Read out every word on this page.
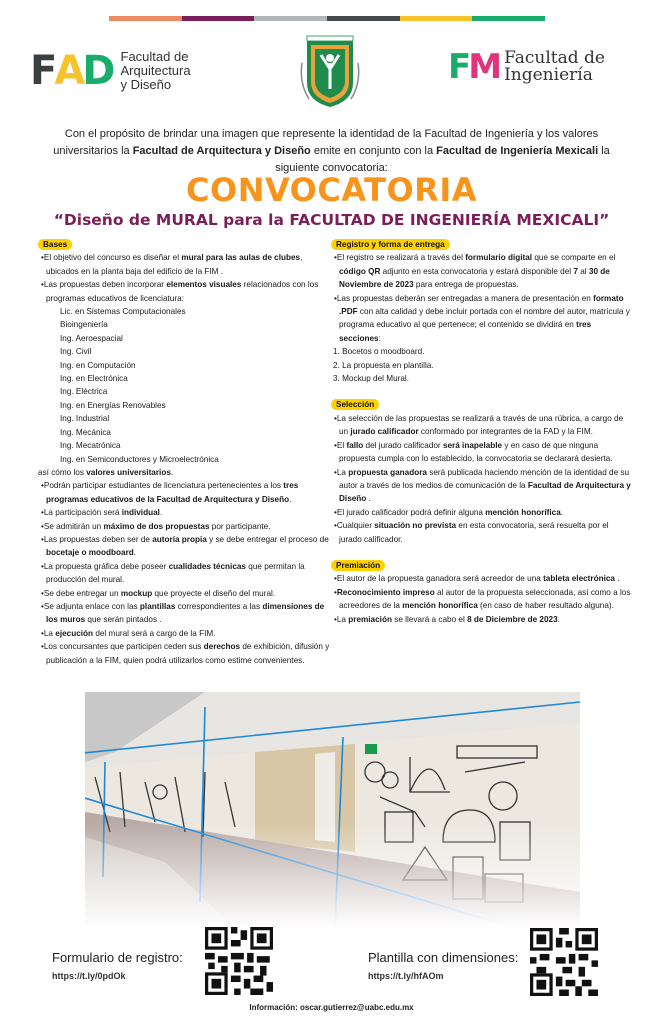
F A D Facultad de
Arquitectura
y Diseño	FM Facultad de
Ingeniería
Con el propósito de brindar una imagen que represente la identidad de la Facultad de Ingeniería y los valores universitarios la Facultad de Arquitectura y Diseño emite en conjunto con la Facultad de Ingeniería Mexicali la siguiente convocatoria:
CONVOCATORIA
“Diseño de MURAL para la FACULTAD DE INGENIERÍA MEXICALI”
Bases
• El objetivo del concurso es diseñar el mural para las aulas de clubes, ubicados en la planta baja del edificio de la FIM .
• Las propuestas deben incorporar elementos visuales relacionados con los programas educativos de licenciatura:
Lic. en Sistemas Computacionales
Bioingeniería
Ing. Aeroespacial
Ing. Civil
Ing. en Computación
Ing. en Electrónica
Ing. Eléctrica
Ing. en Energías Renovables
Ing. Industrial
Ing. Mecánica
Ing. Mecatrónica
Ing. en Semiconductores y Microelectrónica
así cómo los valores universitarios.
• Podrán participar estudiantes de licenciatura pertenecientes a los tres programas educativos de la Facultad de Arquitectura y Diseño.
• La participación será individual.
• Se admitirán un máximo de dos propuestas por participante.
• Las propuestas deben ser de autoría propia y se debe entregar el proceso de bocetaje o moodboard.
• La propuesta gráfica debe poseer cualidades técnicas que permitan la producción del mural.
• Se debe entregar un mockup que proyecte el diseño del mural.
• Se adjunta enlace con las plantillas correspondientes a las dimensiones de los muros que serán pintados .
• La ejecución del mural será a cargo de la FIM.
• Los concursantes que participen ceden sus derechos de exhibición, difusión y publicación a la FIM, quien podrá utilizarlos como estime convenientes.
Registro y forma de entrega
• El registro se realizará a través del formulario digital que se comparte en el código QR adjunto en esta convocatoria y estará disponible del 7 al 30 de Noviembre de 2023 para entrega de propuestas.
• Las propuestas deberán ser entregadas a manera de presentación en formato .PDF con alta calidad y debe incluir portada con el nombre del autor, matrícula y programa educativo al que pertenece; el contenido se dividirá en tres secciones:
1. Bocetos o moodboard.
2. La propuesta en plantilla.
3. Mockup del Mural.
Selección
• La selección de las propuestas se realizará a través de una rúbrica, a cargo de un jurado calificador conformado por integrantes de la FAD y la FIM.
• El fallo del jurado calificador será inapelable y en caso de que ninguna propuesta cumpla con lo establecido, la convocatoria se declarará desierta.
• La propuesta ganadora será publicada haciendo mención de la identidad de su autor a través de los medios de comunicación de la Facultad de Arquitectura y Diseño .
• El jurado calificador podrá definir alguna mención honorífica.
• Cualquier situación no prevista en esta convocatoria, será resuelta por el jurado calificador.
Premiación
• El autor de la propuesta ganadora será acreedor de una tableta electrónica .
• Reconocimiento impreso al autor de la propuesta seleccionada, así como a los acreedores de la mención honorífica (en caso de haber resultado alguna).
• La premiación se llevará a cabo el 8 de Diciembre de 2023.
Formulario de registro:
https://t.ly/0pdOk
Plantilla con dimensiones:
https://t.ly/hfAOm
Información: oscar.gutierrez@uabc.edu.mx
